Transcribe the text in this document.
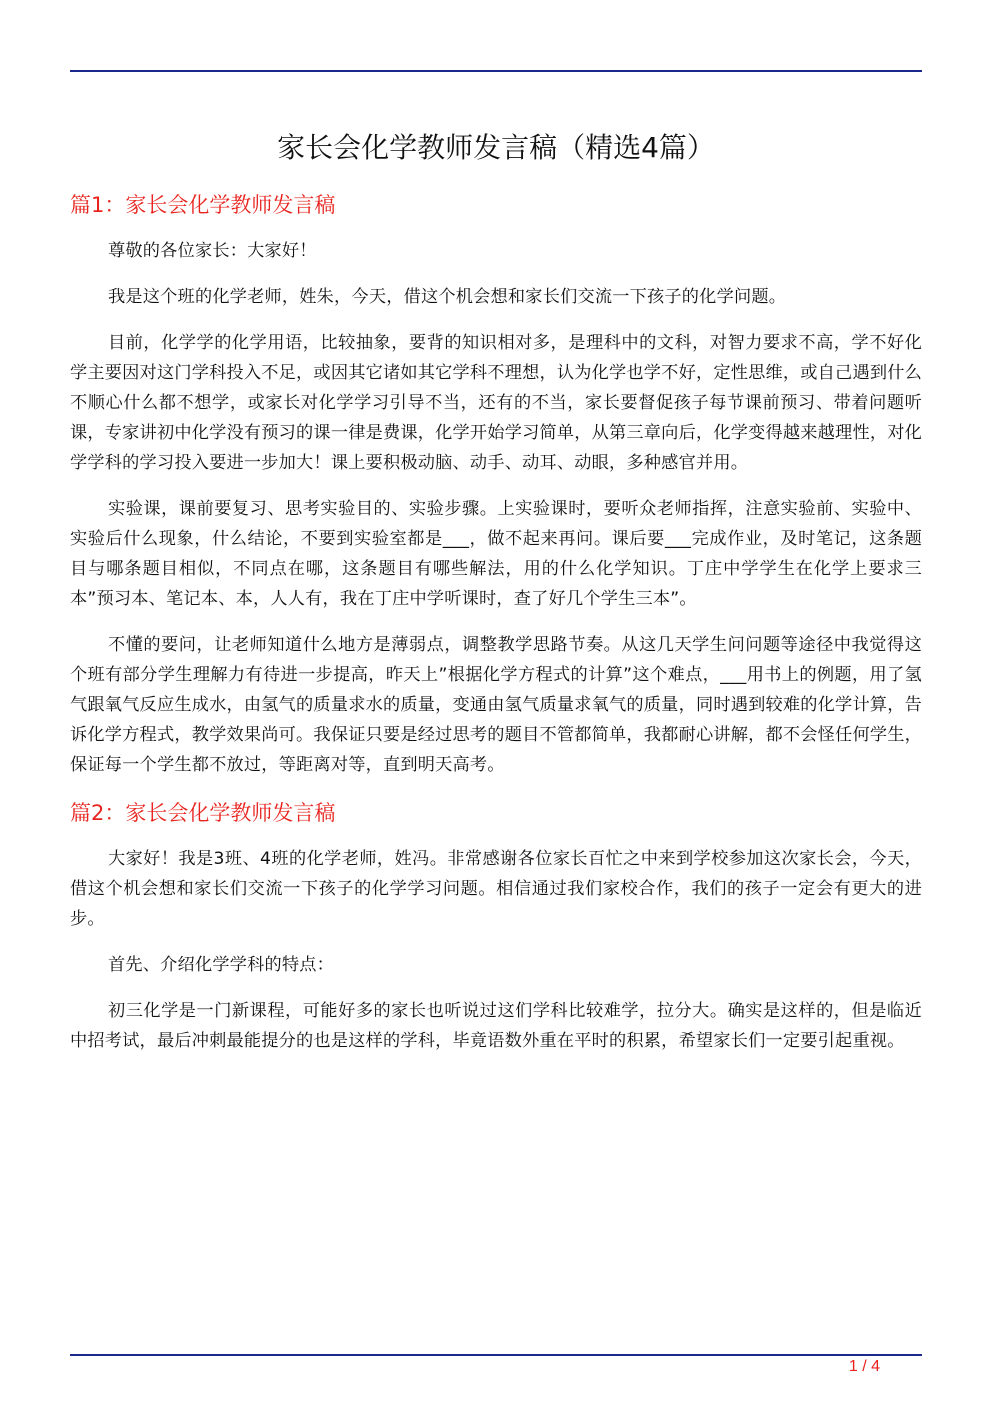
家长会化学教师发言稿（精选4篇）
篇1：家长会化学教师发言稿

尊敬的各位家长：大家好！

我是这个班的化学老师，姓朱，今天，借这个机会想和家长们交流一下孩子的化学问题。

目前，化学学的化学用语，比较抽象，要背的知识相对多，是理科中的文科，对智力要求不高，学不好化学主要因对这门学科投入不足，或因其它诸如其它学科不理想，认为化学也学不好，定性思维，或自己遇到什么不顺心什么都不想学，或家长对化学学习引导不当，还有的不当，家长要督促孩子每节课前预习、带着问题听课，专家讲初中化学没有预习的课一律是费课，化学开始学习简单，从第三章向后，化学变得越来越理性，对化学学科的学习投入要进一步加大！课上要积极动脑、动手、动耳、动眼，多种感官并用。

实验课，课前要复习、思考实验目的、实验步骤。上实验课时，要听众老师指挥，注意实验前、实验中、实验后什么现象，什么结论，不要到实验室都是___，做不起来再问。课后要___完成作业，及时笔记，这条题目与哪条题目相似，不同点在哪，这条题目有哪些解法，用的什么化学知识。丁庄中学学生在化学上要求三本”预习本、笔记本、本，人人有，我在丁庄中学听课时，查了好几个学生三本”。

不懂的要问，让老师知道什么地方是薄弱点，调整教学思路节奏。从这几天学生问问题等途径中我觉得这个班有部分学生理解力有待进一步提高，昨天上”根据化学方程式的计算”这个难点，___用书上的例题，用了氢气跟氧气反应生成水，由氢气的质量求水的质量，变通由氢气质量求氧气的质量，同时遇到较难的化学计算，告诉化学方程式，教学效果尚可。我保证只要是经过思考的题目不管都简单，我都耐心讲解，都不会怪任何学生，保证每一个学生都不放过，等距离对等，直到明天高考。

篇2：家长会化学教师发言稿

大家好！我是3班、4班的化学老师，姓冯。非常感谢各位家长百忙之中来到学校参加这次家长会，今天，借这个机会想和家长们交流一下孩子的化学学习问题。相信通过我们家校合作，我们的孩子一定会有更大的进步。

首先、介绍化学学科的特点：

初三化学是一门新课程，可能好多的家长也听说过这们学科比较难学，拉分大。确实是这样的，但是临近中招考试，最后冲刺最能提分的也是这样的学科，毕竟语数外重在平时的积累，希望家长们一定要引起重视。

1 / 4
